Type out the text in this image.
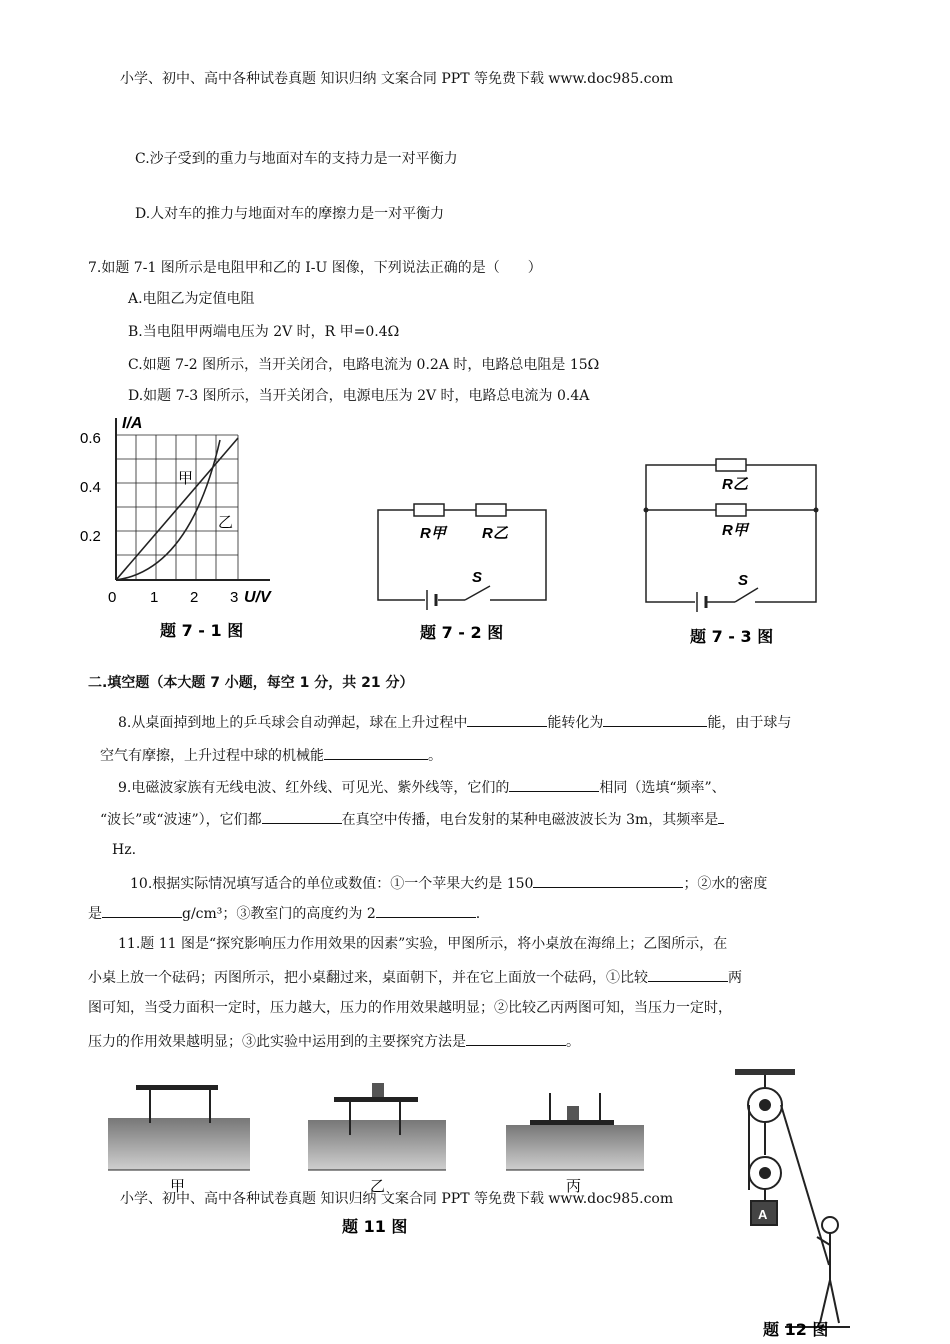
小学、初中、高中各种试卷真题 知识归纳 文案合同 PPT 等免费下载 www.doc985.com
C.沙子受到的重力与地面对车的支持力是一对平衡力
D.人对车的推力与地面对车的摩擦力是一对平衡力
7.如题 7-1 图所示是电阻甲和乙的 I-U 图像，下列说法正确的是（　　）
A.电阻乙为定值电阻
B.当电阻甲两端电压为 2V 时，R 甲=0.4Ω
C.如题 7-2 图所示，当开关闭合，电路电流为 0.2A 时，电路总电阻是 15Ω
D.如题 7-3 图所示，当开关闭合，电源电压为 2V 时，电路总电流为 0.4A
I/A
0.6
0.4
0.2
0 1 2 3 U/V
甲
乙
题 7 - 1 图
R甲 R乙
S
题 7 - 2 图
R乙
R甲
S
题 7 - 3 图
二.填空题（本大题 7 小题，每空 1 分，共 21 分）
8.从桌面掉到地上的乒乓球会自动弹起，球在上升过程中	能转化为	能，由于球与
空气有摩擦，上升过程中球的机械能	。
9.电磁波家族有无线电波、红外线、可见光、紫外线等，它们的	相同（选填“频率”、
“波长”或“波速”），它们都	在真空中传播，电台发射的某种电磁波波长为 3m，其频率是
Hz.
10.根据实际情况填写适合的单位或数值：①一个苹果大约是 150	；②水的密度
是	g/cm³；③教室门的高度约为 2	.
11.题 11 图是“探究影响压力作用效果的因素”实验，甲图所示，将小桌放在海绵上；乙图所示，在
小桌上放一个砝码；丙图所示，把小桌翻过来，桌面朝下，并在它上面放一个砝码，①比较	两
图可知，当受力面积一定时，压力越大，压力的作用效果越明显；②比较乙丙两图可知，当压力一定时，
压力的作用效果越明显；③此实验中运用到的主要探究方法是	。
甲	乙	丙
题 11 图
A
题 12 图
小学、初中、高中各种试卷真题 知识归纳 文案合同 PPT 等免费下载 www.doc985.com
